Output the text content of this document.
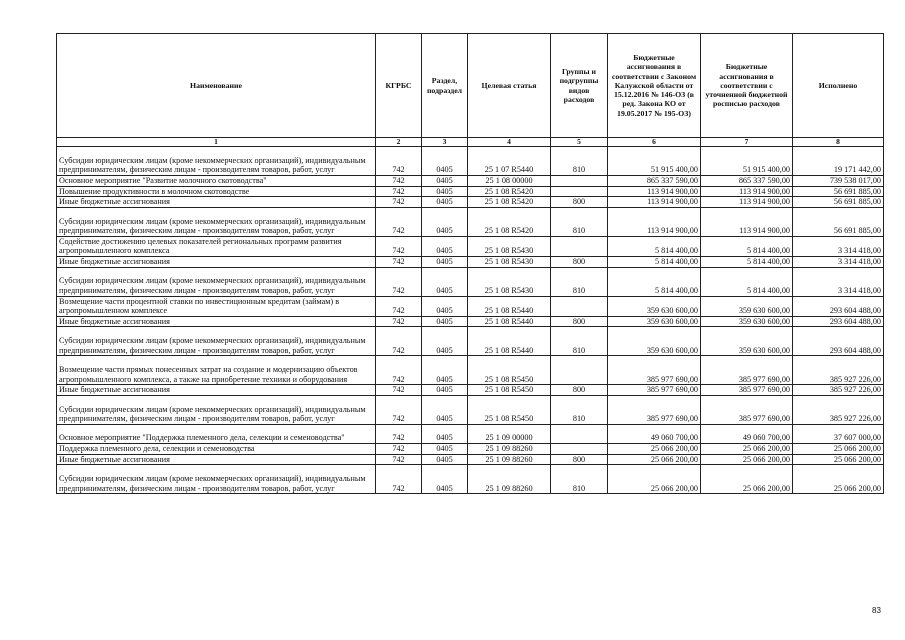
Наименование	КГРБС	Раздел, подраздел	Целевая статья	Группы и подгруппы видов расходов	Бюджетные ассигнования в соответствии с Законом Калужской области от 15.12.2016 № 146-ОЗ (в ред. Закона КО от 19.05.2017 № 195-ОЗ)	Бюджетные ассигнования в соответствии с уточненной бюджетной росписью расходов	Исполнено
1	2	3	4	5	6	7	8
Субсидии юридическим лицам (кроме некоммерческих организаций), индивидуальным предпринимателям, физическим лицам - производителям товаров, работ, услуг	742	0405	25 1 07 R5440	810	51 915 400,00	51 915 400,00	19 171 442,00
Основное мероприятие "Развитие молочного скотоводства"	742	0405	25 1 08 00000		865 337 590,00	865 337 590,00	739 538 017,00
Повышение продуктивности в молочном скотоводстве	742	0405	25 1 08 R5420		113 914 900,00	113 914 900,00	56 691 885,00
Иные бюджетные ассигнования	742	0405	25 1 08 R5420	800	113 914 900,00	113 914 900,00	56 691 885,00
Субсидии юридическим лицам (кроме некоммерческих организаций), индивидуальным предпринимателям, физическим лицам - производителям товаров, работ, услуг	742	0405	25 1 08 R5420	810	113 914 900,00	113 914 900,00	56 691 885,00
Содействие достижению целевых показателей региональных программ развития агропромышленного комплекса	742	0405	25 1 08 R5430		5 814 400,00	5 814 400,00	3 314 418,00
Иные бюджетные ассигнования	742	0405	25 1 08 R5430	800	5 814 400,00	5 814 400,00	3 314 418,00
Субсидии юридическим лицам (кроме некоммерческих организаций), индивидуальным предпринимателям, физическим лицам - производителям товаров, работ, услуг	742	0405	25 1 08 R5430	810	5 814 400,00	5 814 400,00	3 314 418,00
Возмещение части процентной ставки по инвестиционным кредитам (займам) в агропромышленном комплексе	742	0405	25 1 08 R5440		359 630 600,00	359 630 600,00	293 604 488,00
Иные бюджетные ассигнования	742	0405	25 1 08 R5440	800	359 630 600,00	359 630 600,00	293 604 488,00
Субсидии юридическим лицам (кроме некоммерческих организаций), индивидуальным предпринимателям, физическим лицам - производителям товаров, работ, услуг	742	0405	25 1 08 R5440	810	359 630 600,00	359 630 600,00	293 604 488,00
Возмещение части прямых понесенных затрат на создание и модернизацию объектов агропромышленного комплекса, а также на приобретение техники и оборудования	742	0405	25 1 08 R5450		385 977 690,00	385 977 690,00	385 927 226,00
Иные бюджетные ассигнования	742	0405	25 1 08 R5450	800	385 977 690,00	385 977 690,00	385 927 226,00
Субсидии юридическим лицам (кроме некоммерческих организаций), индивидуальным предпринимателям, физическим лицам - производителям товаров, работ, услуг	742	0405	25 1 08 R5450	810	385 977 690,00	385 977 690,00	385 927 226,00
Основное мероприятие "Поддержка племенного дела, селекции и семеноводства"	742	0405	25 1 09 00000		49 060 700,00	49 060 700,00	37 607 000,00
Поддержка племенного дела, селекции и семеноводства	742	0405	25 1 09 88260		25 066 200,00	25 066 200,00	25 066 200,00
Иные бюджетные ассигнования	742	0405	25 1 09 88260	800	25 066 200,00	25 066 200,00	25 066 200,00
Субсидии юридическим лицам (кроме некоммерческих организаций), индивидуальным предпринимателям, физическим лицам - производителям товаров, работ, услуг	742	0405	25 1 09 88260	810	25 066 200,00	25 066 200,00	25 066 200,00
83
